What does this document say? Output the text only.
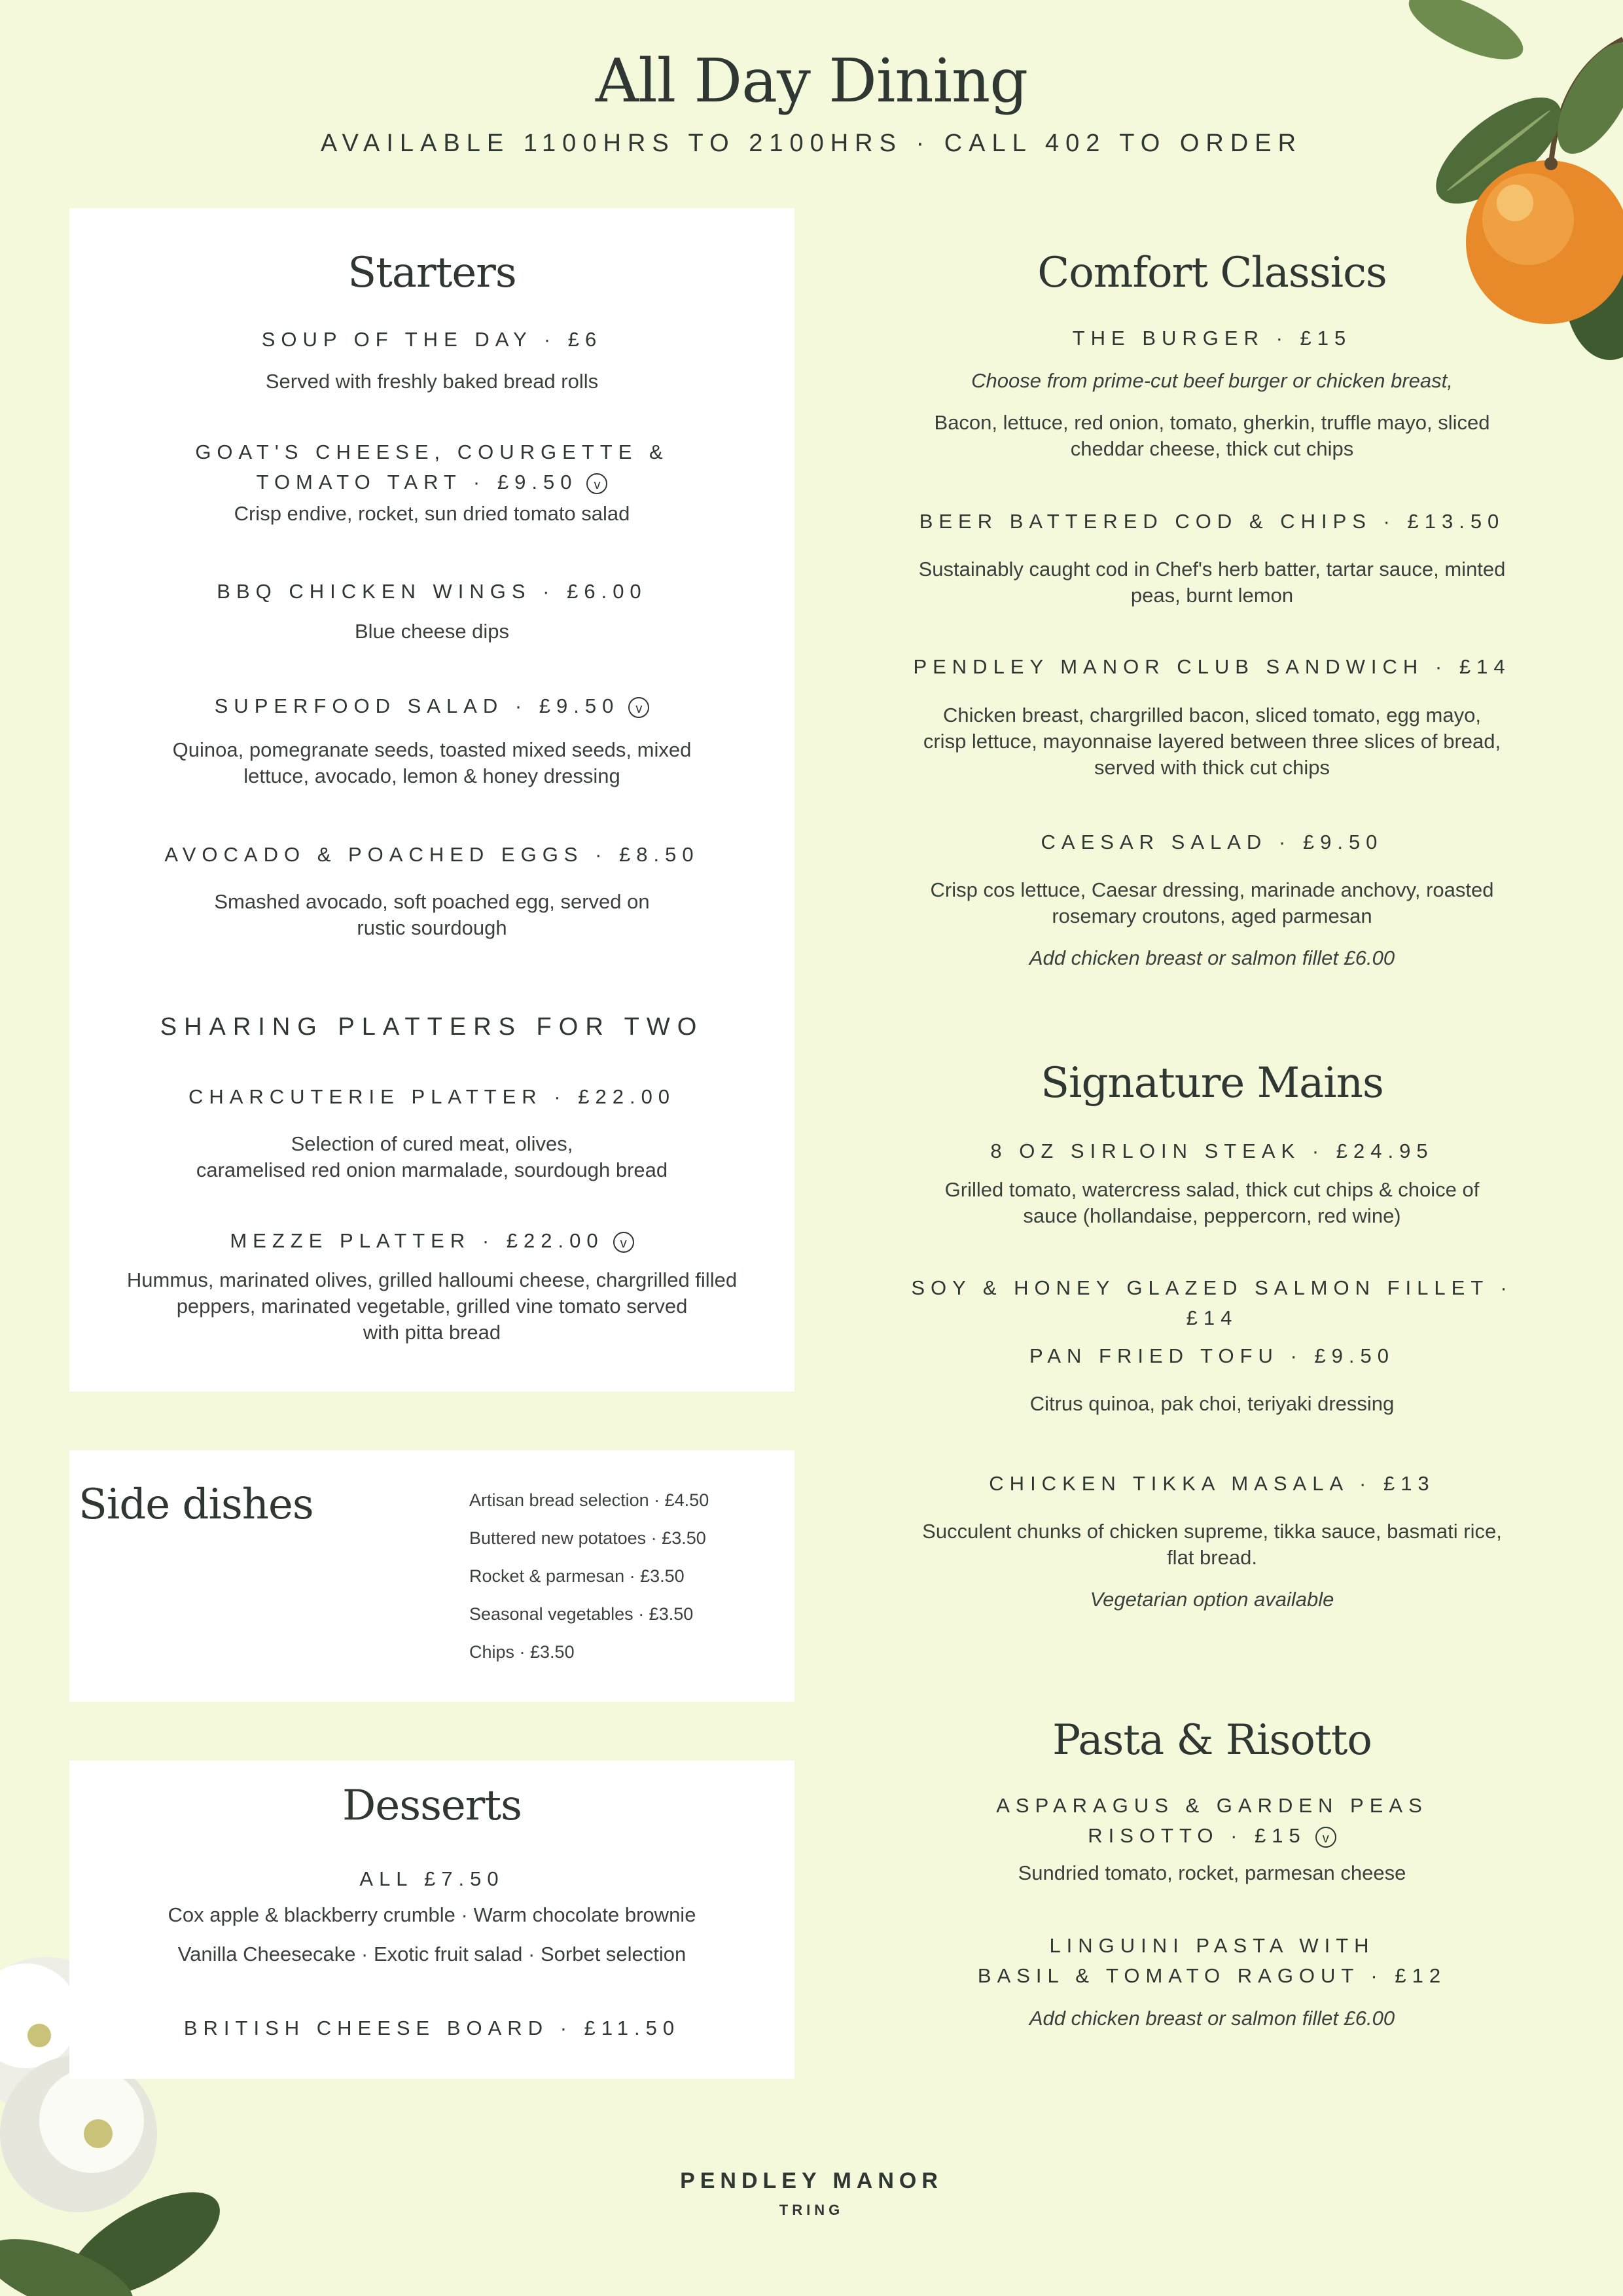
All Day Dining
AVAILABLE 1100HRS TO 2100HRS · CALL 402 TO ORDER
Starters
SOUP OF THE DAY · £6
Served with freshly baked bread rolls
GOAT'S CHEESE, COURGETTE &
TOMATO TART · £9.50 v
Crisp endive, rocket, sun dried tomato salad
BBQ CHICKEN WINGS · £6.00
Blue cheese dips
SUPERFOOD SALAD · £9.50 v
Quinoa, pomegranate seeds, toasted mixed seeds, mixed
lettuce, avocado, lemon & honey dressing
AVOCADO & POACHED EGGS · £8.50
Smashed avocado, soft poached egg, served on
rustic sourdough
SHARING PLATTERS FOR TWO
CHARCUTERIE PLATTER · £22.00
Selection of cured meat, olives,
caramelised red onion marmalade, sourdough bread
MEZZE PLATTER · £22.00 v
Hummus, marinated olives, grilled halloumi cheese, chargrilled filled
peppers, marinated vegetable, grilled vine tomato served
with pitta bread
Side dishes	Artisan bread selection · £4.50
Buttered new potatoes · £3.50
Rocket & parmesan · £3.50
Seasonal vegetables · £3.50
Chips · £3.50
Desserts
ALL £7.50
Cox apple & blackberry crumble · Warm chocolate brownie
Vanilla Cheesecake · Exotic fruit salad · Sorbet selection
BRITISH CHEESE BOARD · £11.50
Comfort Classics
THE BURGER · £15
Choose from prime-cut beef burger or chicken breast,
Bacon, lettuce, red onion, tomato, gherkin, truffle mayo, sliced
cheddar cheese, thick cut chips
BEER BATTERED COD & CHIPS · £13.50
Sustainably caught cod in Chef's herb batter, tartar sauce, minted
peas, burnt lemon
PENDLEY MANOR CLUB SANDWICH · £14
Chicken breast, chargrilled bacon, sliced tomato, egg mayo,
crisp lettuce, mayonnaise layered between three slices of bread,
served with thick cut chips
CAESAR SALAD · £9.50
Crisp cos lettuce, Caesar dressing, marinade anchovy, roasted
rosemary croutons, aged parmesan
Add chicken breast or salmon fillet £6.00
Signature Mains
8 OZ SIRLOIN STEAK · £24.95
Grilled tomato, watercress salad, thick cut chips & choice of
sauce (hollandaise, peppercorn, red wine)
SOY & HONEY GLAZED SALMON FILLET · £14
PAN FRIED TOFU · £9.50
Citrus quinoa, pak choi, teriyaki dressing
CHICKEN TIKKA MASALA · £13
Succulent chunks of chicken supreme, tikka sauce, basmati rice,
flat bread.
Vegetarian option available
Pasta & Risotto
ASPARAGUS & GARDEN PEAS
RISOTTO · £15 v
Sundried tomato, rocket, parmesan cheese
LINGUINI PASTA WITH
BASIL & TOMATO RAGOUT · £12
Add chicken breast or salmon fillet £6.00
PENDLEY MANOR
TRING
